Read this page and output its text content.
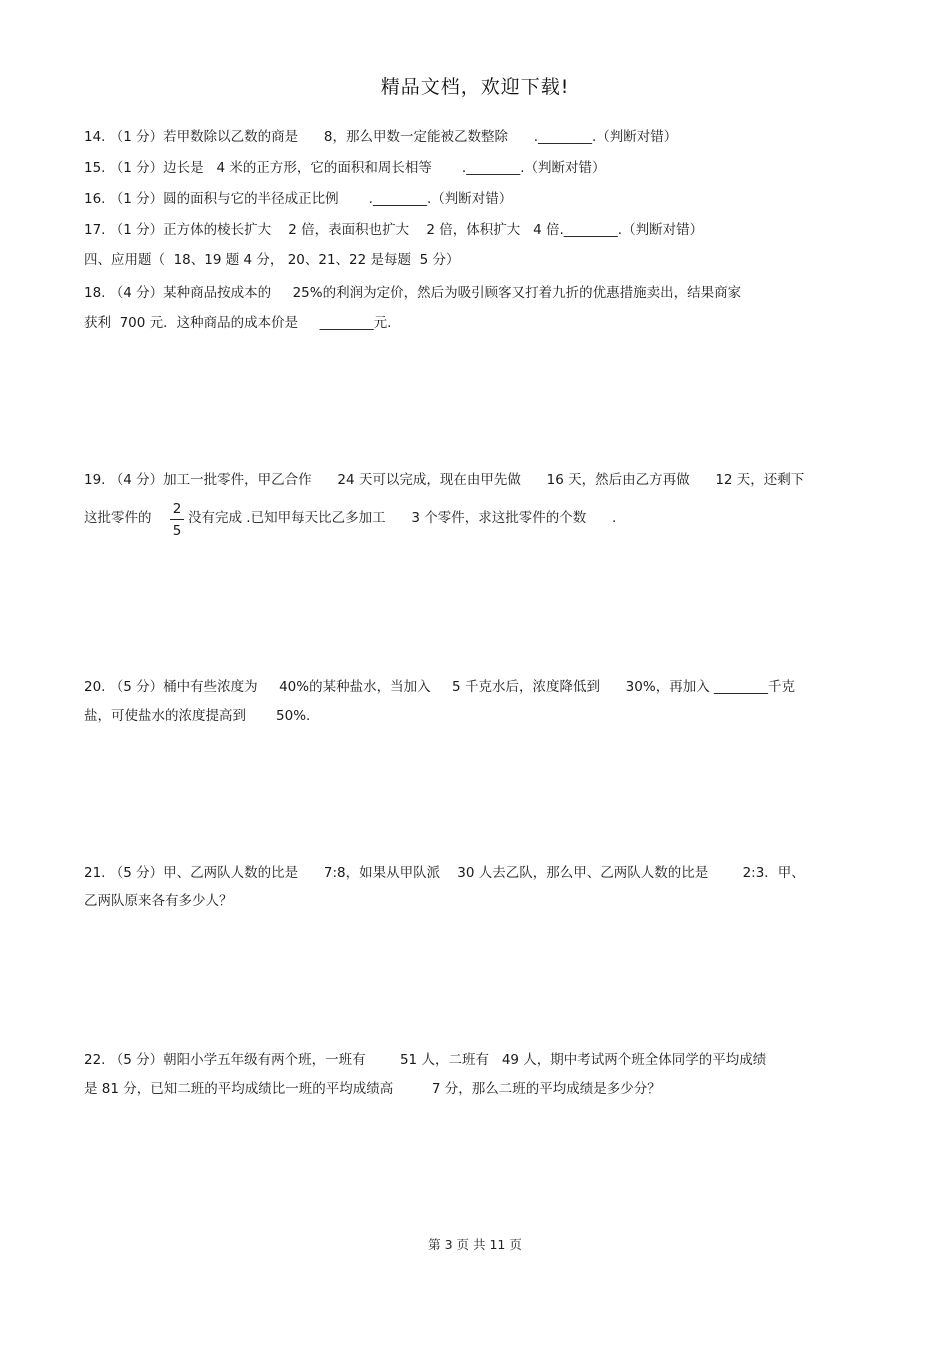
精品文档，欢迎下载!
14. （1 分）若甲数除以乙数的商是      8，那么甲数一定能被乙数整除      .________.（判断对错）
15. （1 分）边长是   4 米的正方形，它的面积和周长相等       .________.（判断对错）
16. （1 分）圆的面积与它的半径成正比例       .________.（判断对错）
17. （1 分）正方体的棱长扩大    2 倍，表面积也扩大    2 倍，体积扩大   4 倍.________.（判断对错）
四、应用题（  18、19 题 4 分， 20、21、22 是每题  5 分）
18. （4 分）某种商品按成本的     25%的利润为定价，然后为吸引顾客又打着九折的优惠措施卖出，结果商家
获利  700 元．这种商品的成本价是     ________元.
19. （4 分）加工一批零件，甲乙合作      24 天可以完成，现在由甲先做      16 天，然后由乙方再做      12 天，还剩下
这批零件的
2
5
没有完成 .已知甲每天比乙多加工      3 个零件，求这批零件的个数      .
20. （5 分）桶中有些浓度为     40%的某种盐水，当加入     5 千克水后，浓度降低到      30%，再加入 ________千克
盐，可使盐水的浓度提高到       50%.
21. （5 分）甲、乙两队人数的比是      7:8，如果从甲队派    30 人去乙队，那么甲、乙两队人数的比是        2:3．甲、
乙两队原来各有多少人？
22. （5 分）朝阳小学五年级有两个班，一班有        51 人，二班有   49 人，期中考试两个班全体同学的平均成绩
是 81 分，已知二班的平均成绩比一班的平均成绩高         7 分，那么二班的平均成绩是多少分？
第 3 页 共 11 页
